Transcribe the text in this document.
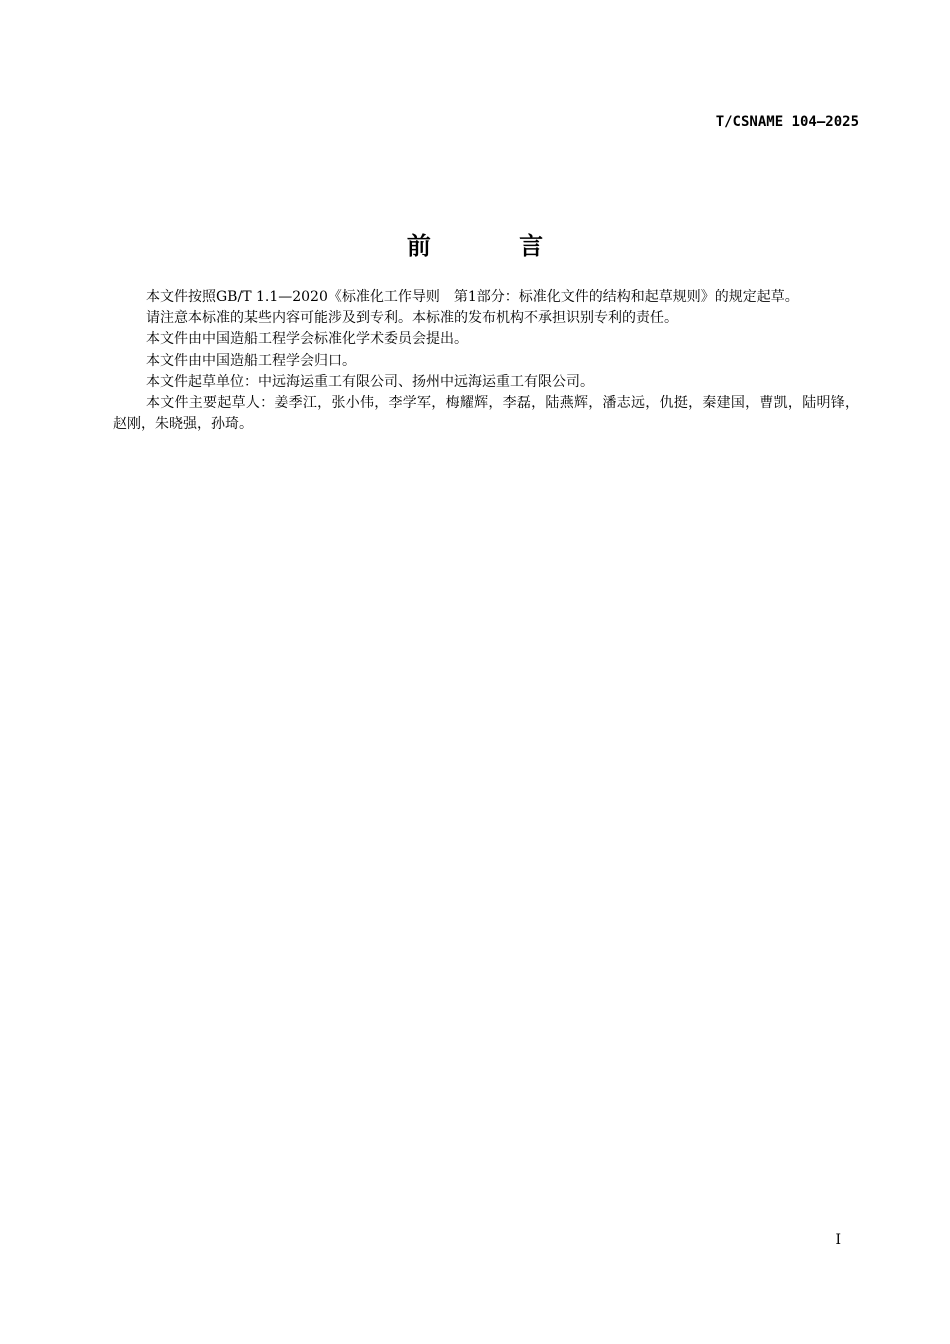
T/CSNAME 104—2025
前 言

本文件按照GB/T 1.1—2020《标准化工作导则　第1部分：标准化文件的结构和起草规则》的规定起草。

请注意本标准的某些内容可能涉及到专利。本标准的发布机构不承担识别专利的责任。

本文件由中国造船工程学会标准化学术委员会提出。

本文件由中国造船工程学会归口。

本文件起草单位：中远海运重工有限公司、扬州中远海运重工有限公司。

本文件主要起草人：姜季江，张小伟，李学军，梅耀辉，李磊，陆燕辉，潘志远，仇挺，秦建国，曹凯，陆明锋，赵刚，朱晓强，孙琦。

I
